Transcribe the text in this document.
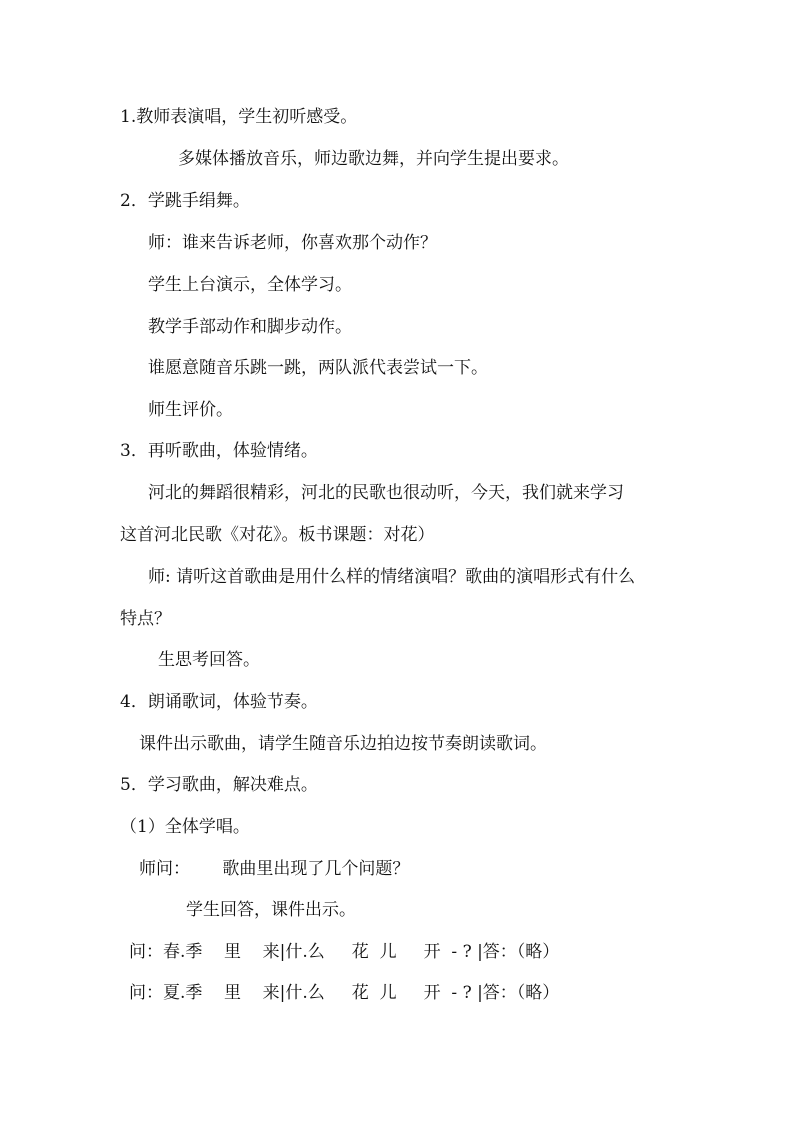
1.教师表演唱，学生初听感受。
多媒体播放音乐，师边歌边舞，并向学生提出要求。
2．学跳手绢舞。
师：谁来告诉老师，你喜欢那个动作？
学生上台演示，全体学习。
教学手部动作和脚步动作。
谁愿意随音乐跳一跳，两队派代表尝试一下。
师生评价。
3．再听歌曲，体验情绪。
河北的舞蹈很精彩，河北的民歌也很动听，今天，我们就来学习
这首河北民歌《对花》。板书课题：对花）
师: 请听这首歌曲是用什么样的情绪演唱？歌曲的演唱形式有什么
特点？
生思考回答。
4．朗诵歌词，体验节奏。
课件出示歌曲，请学生随音乐边拍边按节奏朗读歌词。
5．学习歌曲，解决难点。
（1）全体学唱。
师问：      歌曲里出现了几个问题？
学生回答，课件出示。
问：春.季    里    来|什.么     花  儿     开  - ? |答：（略）
问：夏.季    里    来|什.么     花  儿     开  - ? |答：（略）
